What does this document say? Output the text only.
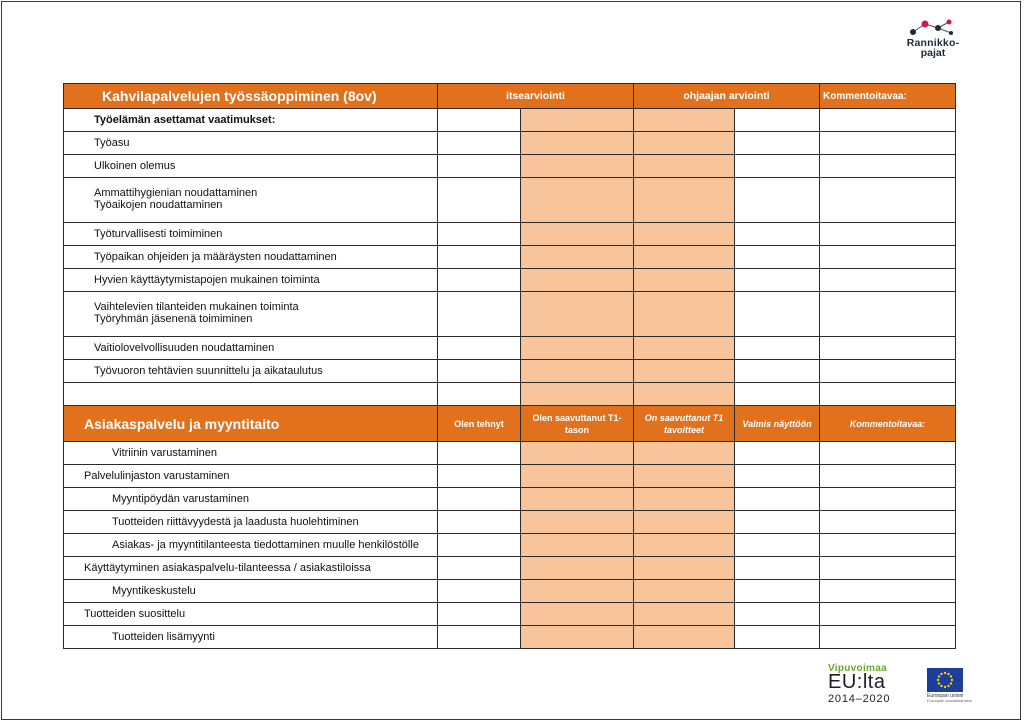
Rannikko-
pajat
Kahvilapalvelujen työssäoppiminen (8ov)	itsearviointi		ohjaajan arviointi		Kommentoitavaa:
Työelämän asettamat vaatimukset:					
Työasu					
Ulkoinen olemus					

Ammattihygienian noudattaminen
Työaikojen noudattaminen					

Työturvallisesti toimiminen					
Työpaikan ohjeiden ja määräysten noudattaminen					
Hyvien käyttäytymistapojen mukainen toiminta					

Vaihtelevien tilanteiden mukainen toiminta
Työryhmän jäsenenä toimiminen					

Vaitiolovelvollisuuden noudattaminen					
Työvuoron tehtävien suunnittelu ja aikataulutus					

Asiakaspalvelu ja myyntitaito	Olen tehnyt	Olen saavuttanut T1-tason	On saavuttanut T1 tavoitteet	Valmis näyttöön	Kommentoitavaa:
Vitriinin varustaminen					
Palvelulinjaston varustaminen					
Myyntipöydän varustaminen					
Tuotteiden riittävyydestä ja laadusta huolehtiminen					
Asiakas- ja myyntitilanteesta tiedottaminen muulle henkilöstölle					
Käyttäytyminen asiakaspalvelu-tilanteessa / asiakastiloissa					
Myyntikeskustelu					
Tuotteiden suosittelu					
Tuotteiden lisämyynti					
Vipuvoimaa
EU:lta
2014–2020	Euroopan unioni
Euroopan sosiaalirahasto
